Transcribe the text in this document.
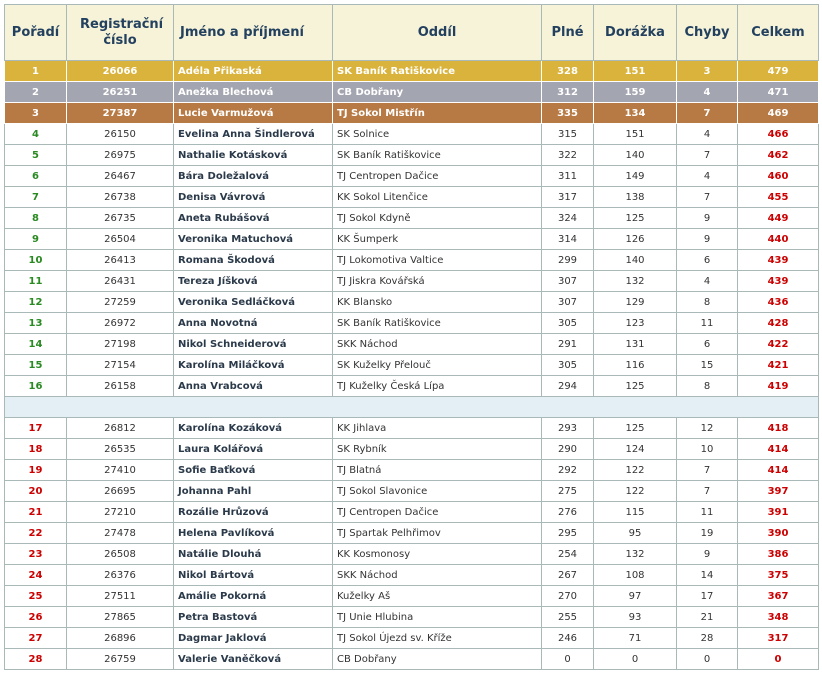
Pořadí	Registrační číslo	Jméno a příjmení	Oddíl	Plné	Dorážka	Chyby	Celkem
1	26066	Adéla Přikaská	SK Baník Ratiškovice	328	151	3	479
2	26251	Anežka Blechová	CB Dobřany	312	159	4	471
3	27387	Lucie Varmužová	TJ Sokol Mistřín	335	134	7	469
4	26150	Evelina Anna Šindlerová	SK Solnice	315	151	4	466
5	26975	Nathalie Kotásková	SK Baník Ratiškovice	322	140	7	462
6	26467	Bára Doležalová	TJ Centropen Dačice	311	149	4	460
7	26738	Denisa Vávrová	KK Sokol Litenčice	317	138	7	455
8	26735	Aneta Rubášová	TJ Sokol Kdyně	324	125	9	449
9	26504	Veronika Matuchová	KK Šumperk	314	126	9	440
10	26413	Romana Škodová	TJ Lokomotiva Valtice	299	140	6	439
11	26431	Tereza Jíšková	TJ Jiskra Kovářská	307	132	4	439
12	27259	Veronika Sedláčková	KK Blansko	307	129	8	436
13	26972	Anna Novotná	SK Baník Ratiškovice	305	123	11	428
14	27198	Nikol Schneiderová	SKK Náchod	291	131	6	422
15	27154	Karolína Miláčková	SK Kuželky Přelouč	305	116	15	421
16	26158	Anna Vrabcová	TJ Kuželky Česká Lípa	294	125	8	419

17	26812	Karolína Kozáková	KK Jihlava	293	125	12	418
18	26535	Laura Kolářová	SK Rybník	290	124	10	414
19	27410	Sofie Baťková	TJ Blatná	292	122	7	414
20	26695	Johanna Pahl	TJ Sokol Slavonice	275	122	7	397
21	27210	Rozálie Hrůzová	TJ Centropen Dačice	276	115	11	391
22	27478	Helena Pavlíková	TJ Spartak Pelhřimov	295	95	19	390
23	26508	Natálie Dlouhá	KK Kosmonosy	254	132	9	386
24	26376	Nikol Bártová	SKK Náchod	267	108	14	375
25	27511	Amálie Pokorná	Kuželky Aš	270	97	17	367
26	27865	Petra Bastová	TJ Unie Hlubina	255	93	21	348
27	26896	Dagmar Jaklová	TJ Sokol Újezd sv. Kříže	246	71	28	317
28	26759	Valerie Vaněčková	CB Dobřany	0	0	0	0
